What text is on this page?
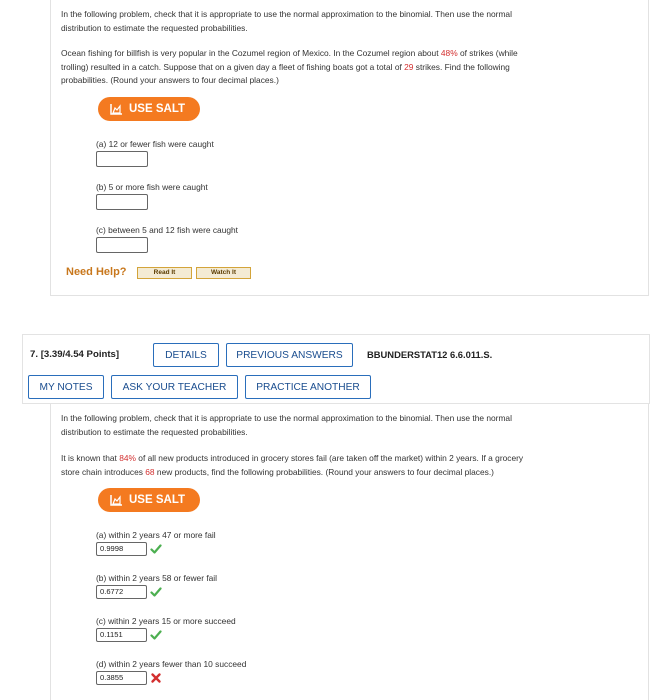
In the following problem, check that it is appropriate to use the normal approximation to the binomial. Then use the normal
distribution to estimate the requested probabilities.
Ocean fishing for billfish is very popular in the Cozumel region of Mexico. In the Cozumel region about 48% of strikes (while
trolling) resulted in a catch. Suppose that on a given day a fleet of fishing boats got a total of 29 strikes. Find the following
probabilities. (Round your answers to four decimal places.)
USE SALT
(a) 12 or fewer fish were caught
(b) 5 or more fish were caught
(c) between 5 and 12 fish were caught
Need Help?	Read It	Watch It
7. [3.39/4.54 Points]	DETAILS	PREVIOUS ANSWERS	BBUNDERSTAT12 6.6.011.S.
MY NOTES	ASK YOUR TEACHER	PRACTICE ANOTHER
In the following problem, check that it is appropriate to use the normal approximation to the binomial. Then use the normal
distribution to estimate the requested probabilities.
It is known that 84% of all new products introduced in grocery stores fail (are taken off the market) within 2 years. If a grocery
store chain introduces 68 new products, find the following probabilities. (Round your answers to four decimal places.)
USE SALT
(a) within 2 years 47 or more fail
0.9998
(b) within 2 years 58 or fewer fail
0.6772
(c) within 2 years 15 or more succeed
0.1151
(d) within 2 years fewer than 10 succeed
0.3855
